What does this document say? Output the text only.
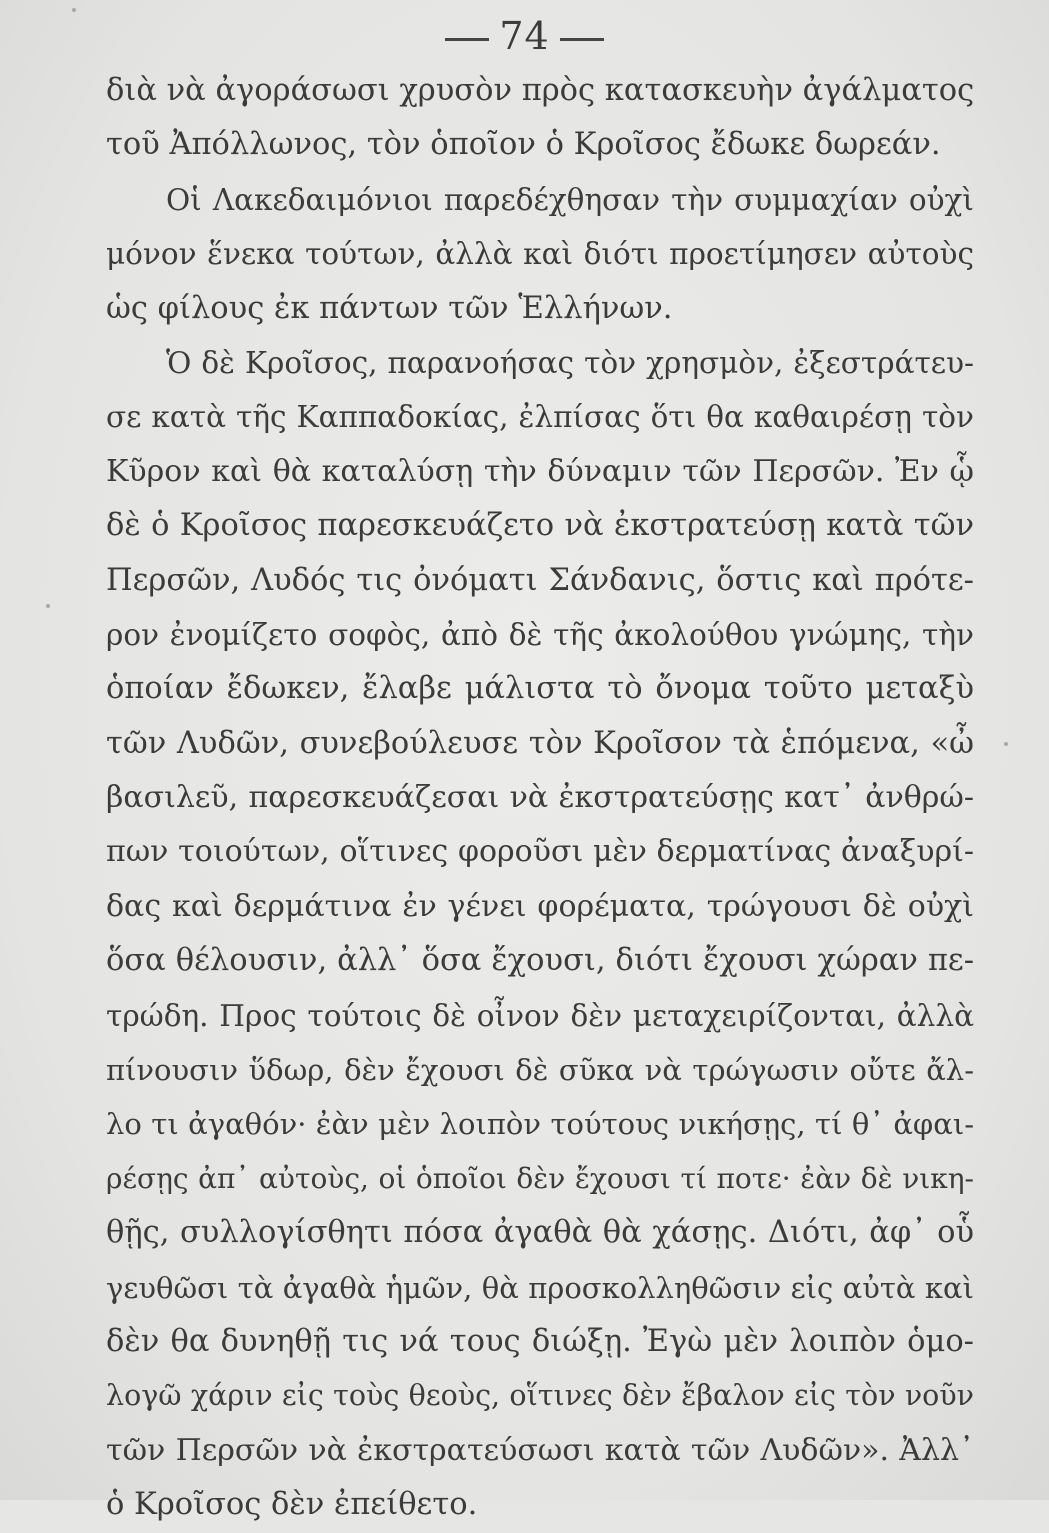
74
διὰ νὰ ἀγοράσωσι χρυσὸν πρὸς κατασκευὴν ἀγάλματος
τοῦ Ἀπόλλωνος, τὸν ὁποῖον ὁ Κροῖσος ἔδωκε δωρεάν.
Οἱ Λακεδαιμόνιοι παρεδέχθησαν τὴν συμμαχίαν οὐχὶ
μόνον ἕνεκα τούτων, ἀλλὰ καὶ διότι προετίμησεν αὐτοὺς
ὡς φίλους ἐκ πάντων τῶν Ἑλλήνων.
Ὁ δὲ Κροῖσος, παρανοήσας τὸν χρησμὸν, ἐξεστράτευ-
σε κατὰ τῆς Καππαδοκίας, ἐλπίσας ὅτι θα καθαιρέσῃ τὸν
Κῦρον καὶ θὰ καταλύσῃ τὴν δύναμιν τῶν Περσῶν. Ἐν ᾧ
δὲ ὁ Κροῖσος παρεσκευάζετο νὰ ἐκστρατεύσῃ κατὰ τῶν
Περσῶν, Λυδός τις ὀνόματι Σάνδανις, ὅστις καὶ πρότε-
ρον ἐνομίζετο σοφὸς, ἀπὸ δὲ τῆς ἀκολούθου γνώμης, τὴν
ὁποίαν ἔδωκεν, ἔλαβε μάλιστα τὸ ὄνομα τοῦτο μεταξὺ
τῶν Λυδῶν, συνεβούλευσε τὸν Κροῖσον τὰ ἑπόμενα, «ὦ
βασιλεῦ, παρεσκευάζεσαι νὰ ἐκστρατεύσῃς κατ᾽ ἀνθρώ-
πων τοιούτων, οἵτινες φοροῦσι μὲν δερματίνας ἀναξυρί-
δας καὶ δερμάτινα ἐν γένει φορέματα, τρώγουσι δὲ οὐχὶ
ὅσα θέλουσιν, ἀλλ᾽ ὅσα ἔχουσι, διότι ἔχουσι χώραν πε-
τρώδη. Προς τούτοις δὲ οἶνον δὲν μεταχειρίζονται, ἀλλὰ
πίνουσιν ὕδωρ, δὲν ἔχουσι δὲ σῦκα νὰ τρώγωσιν οὔτε ἄλ-
λο τι ἀγαθόν· ἐὰν μὲν λοιπὸν τούτους νικήσῃς, τί θ᾽ ἀφαι-
ρέσῃς ἀπ᾽ αὐτοὺς, οἱ ὁποῖοι δὲν ἔχουσι τί ποτε· ἐὰν δὲ νικη-
θῇς, συλλογίσθητι πόσα ἀγαθὰ θὰ χάσῃς. Διότι, ἀφ᾽ οὗ
γευθῶσι τὰ ἀγαθὰ ἡμῶν, θὰ προσκολληθῶσιν εἰς αὐτὰ καὶ
δὲν θα δυνηθῇ τις νά τους διώξῃ. Ἐγὼ μὲν λοιπὸν ὁμο-
λογῶ χάριν εἰς τοὺς θεοὺς, οἵτινες δὲν ἔβαλον εἰς τὸν νοῦν
τῶν Περσῶν νὰ ἐκστρατεύσωσι κατὰ τῶν Λυδῶν». Ἀλλ᾽
ὁ Κροῖσος δὲν ἐπείθετο.
